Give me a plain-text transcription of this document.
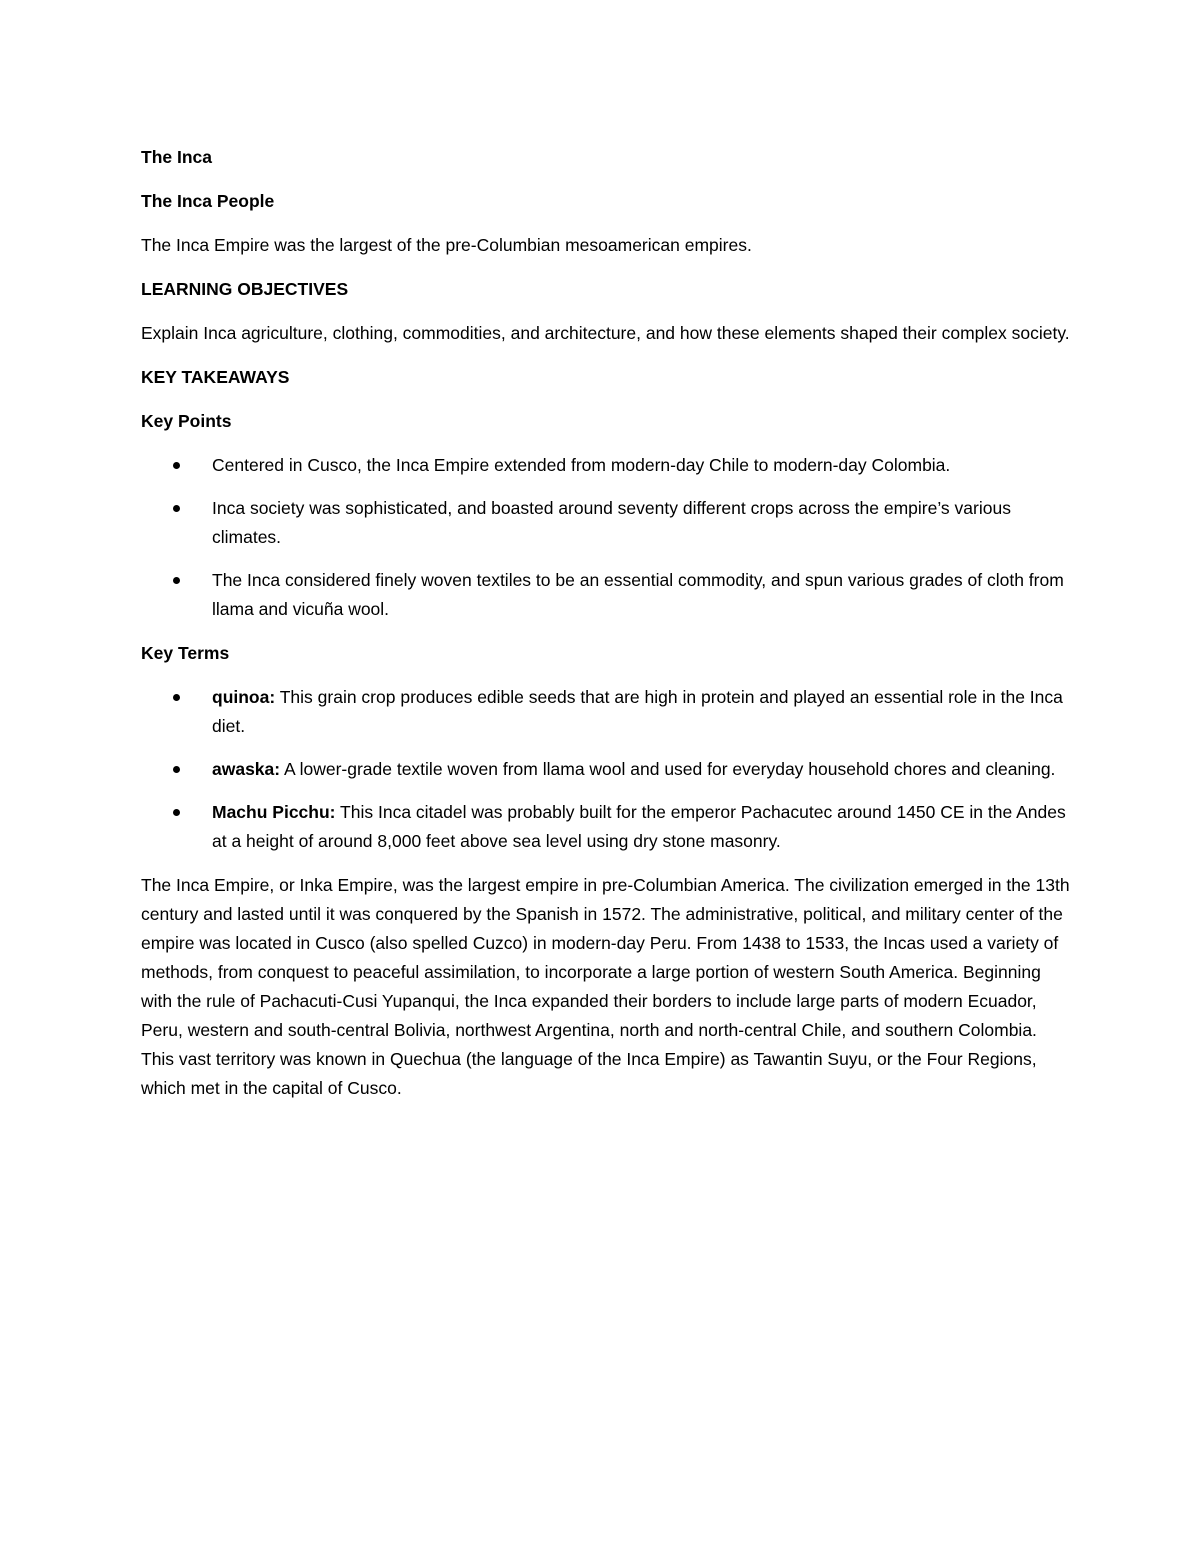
The Inca

The Inca People

The Inca Empire was the largest of the pre-Columbian mesoamerican empires.

LEARNING OBJECTIVES

Explain Inca agriculture, clothing, commodities, and architecture, and how these elements shaped their complex society.

KEY TAKEAWAYS

Key Points

Centered in Cusco, the Inca Empire extended from modern-day Chile to modern-day Colombia.
Inca society was sophisticated, and boasted around seventy different crops across the empire’s various climates.
The Inca considered finely woven textiles to be an essential commodity, and spun various grades of cloth from llama and vicuña wool.

Key Terms

quinoa: This grain crop produces edible seeds that are high in protein and played an essential role in the Inca diet.
awaska: A lower-grade textile woven from llama wool and used for everyday household chores and cleaning.
Machu Picchu: This Inca citadel was probably built for the emperor Pachacutec around 1450 CE in the Andes at a height of around 8,000 feet above sea level using dry stone masonry.

The Inca Empire, or Inka Empire, was the largest empire in pre-Columbian America. The civilization emerged in the 13th century and lasted until it was conquered by the Spanish in 1572. The administrative, political, and military center of the empire was located in Cusco (also spelled Cuzco) in modern-day Peru. From 1438 to 1533, the Incas used a variety of methods, from conquest to peaceful assimilation, to incorporate a large portion of western South America. Beginning with the rule of Pachacuti-Cusi Yupanqui, the Inca expanded their borders to include large parts of modern Ecuador, Peru, western and south-central Bolivia, northwest Argentina, north and north-central Chile, and southern Colombia. This vast territory was known in Quechua (the language of the Inca Empire) as Tawantin Suyu, or the Four Regions, which met in the capital of Cusco.
